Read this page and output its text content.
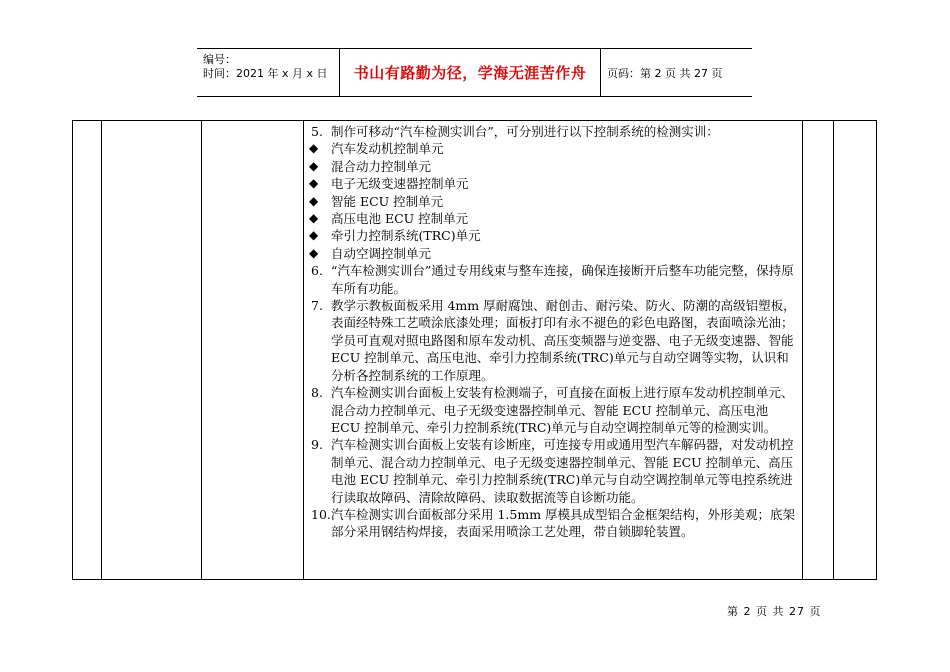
编号：
时间：2021 年 x 月 x 日	书山有路勤为径，学海无涯苦作舟	页码：第 2 页 共 27 页
5. 制作可移动“汽车检测实训台”，可分别进行以下控制系统的检测实训：
◆ 汽车发动机控制单元
◆ 混合动力控制单元
◆ 电子无级变速器控制单元
◆ 智能 ECU 控制单元
◆ 高压电池 ECU 控制单元
◆ 牵引力控制系统(TRC)单元
◆ 自动空调控制单元
6. “汽车检测实训台”通过专用线束与整车连接，确保连接断开后整车功能完整，保持原车所有功能。
7. 教学示教板面板采用 4mm 厚耐腐蚀、耐创击、耐污染、防火、防潮的高级铝塑板，表面经特殊工艺喷涂底漆处理；面板打印有永不褪色的彩色电路图，表面喷涂光油；学员可直观对照电路图和原车发动机、高压变频器与逆变器、电子无级变速器、智能 ECU 控制单元、高压电池、牵引力控制系统(TRC)单元与自动空调等实物，认识和分析各控制系统的工作原理。
8. 汽车检测实训台面板上安装有检测端子，可直接在面板上进行原车发动机控制单元、混合动力控制单元、电子无级变速器控制单元、智能 ECU 控制单元、高压电池 ECU 控制单元、牵引力控制系统(TRC)单元与自动空调控制单元等的检测实训。
9. 汽车检测实训台面板上安装有诊断座，可连接专用或通用型汽车解码器，对发动机控制单元、混合动力控制单元、电子无级变速器控制单元、智能 ECU 控制单元、高压电池 ECU 控制单元、牵引力控制系统(TRC)单元与自动空调控制单元等电控系统进行读取故障码、清除故障码、读取数据流等自诊断功能。
10. 汽车检测实训台面板部分采用 1.5mm 厚模具成型铝合金框架结构，外形美观；底架部分采用钢结构焊接，表面采用喷涂工艺处理，带自锁脚轮装置。
第 2 页 共 27 页
